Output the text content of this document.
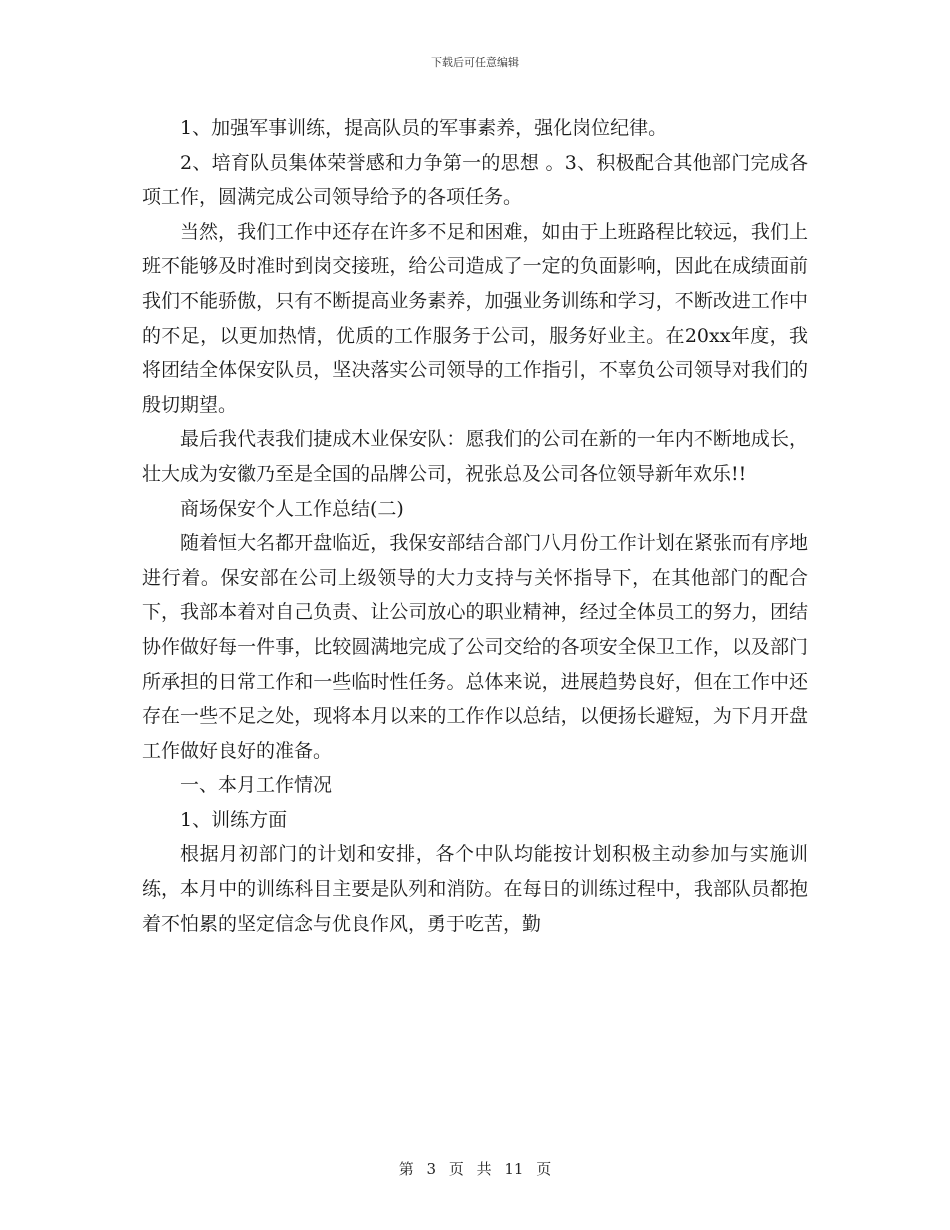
下载后可任意编辑

1、加强军事训练，提高队员的军事素养，强化岗位纪律。

2、培育队员集体荣誉感和力争第一的思想 。3、积极配合其他部门完成各项工作，圆满完成公司领导给予的各项任务。

当然，我们工作中还存在许多不足和困难，如由于上班路程比较远，我们上班不能够及时准时到岗交接班，给公司造成了一定的负面影响，因此在成绩面前我们不能骄傲，只有不断提高业务素养，加强业务训练和学习，不断改进工作中的不足，以更加热情，优质的工作服务于公司，服务好业主。在20xx年度，我将团结全体保安队员，坚决落实公司领导的工作指引，不辜负公司领导对我们的殷切期望。

最后我代表我们捷成木业保安队：愿我们的公司在新的一年内不断地成长，壮大成为安徽乃至是全国的品牌公司，祝张总及公司各位领导新年欢乐!!

商场保安个人工作总结(二)

随着恒大名都开盘临近，我保安部结合部门八月份工作计划在紧张而有序地进行着。保安部在公司上级领导的大力支持与关怀指导下，在其他部门的配合下，我部本着对自己负责、让公司放心的职业精神，经过全体员工的努力，团结协作做好每一件事，比较圆满地完成了公司交给的各项安全保卫工作，以及部门所承担的日常工作和一些临时性任务。总体来说，进展趋势良好，但在工作中还存在一些不足之处，现将本月以来的工作作以总结，以便扬长避短，为下月开盘工作做好良好的准备。

一、本月工作情况

1、训练方面

根据月初部门的计划和安排，各个中队均能按计划积极主动参加与实施训练，本月中的训练科目主要是队列和消防。在每日的训练过程中，我部队员都抱着不怕累的坚定信念与优良作风，勇于吃苦，勤

第 3 页 共 11 页
